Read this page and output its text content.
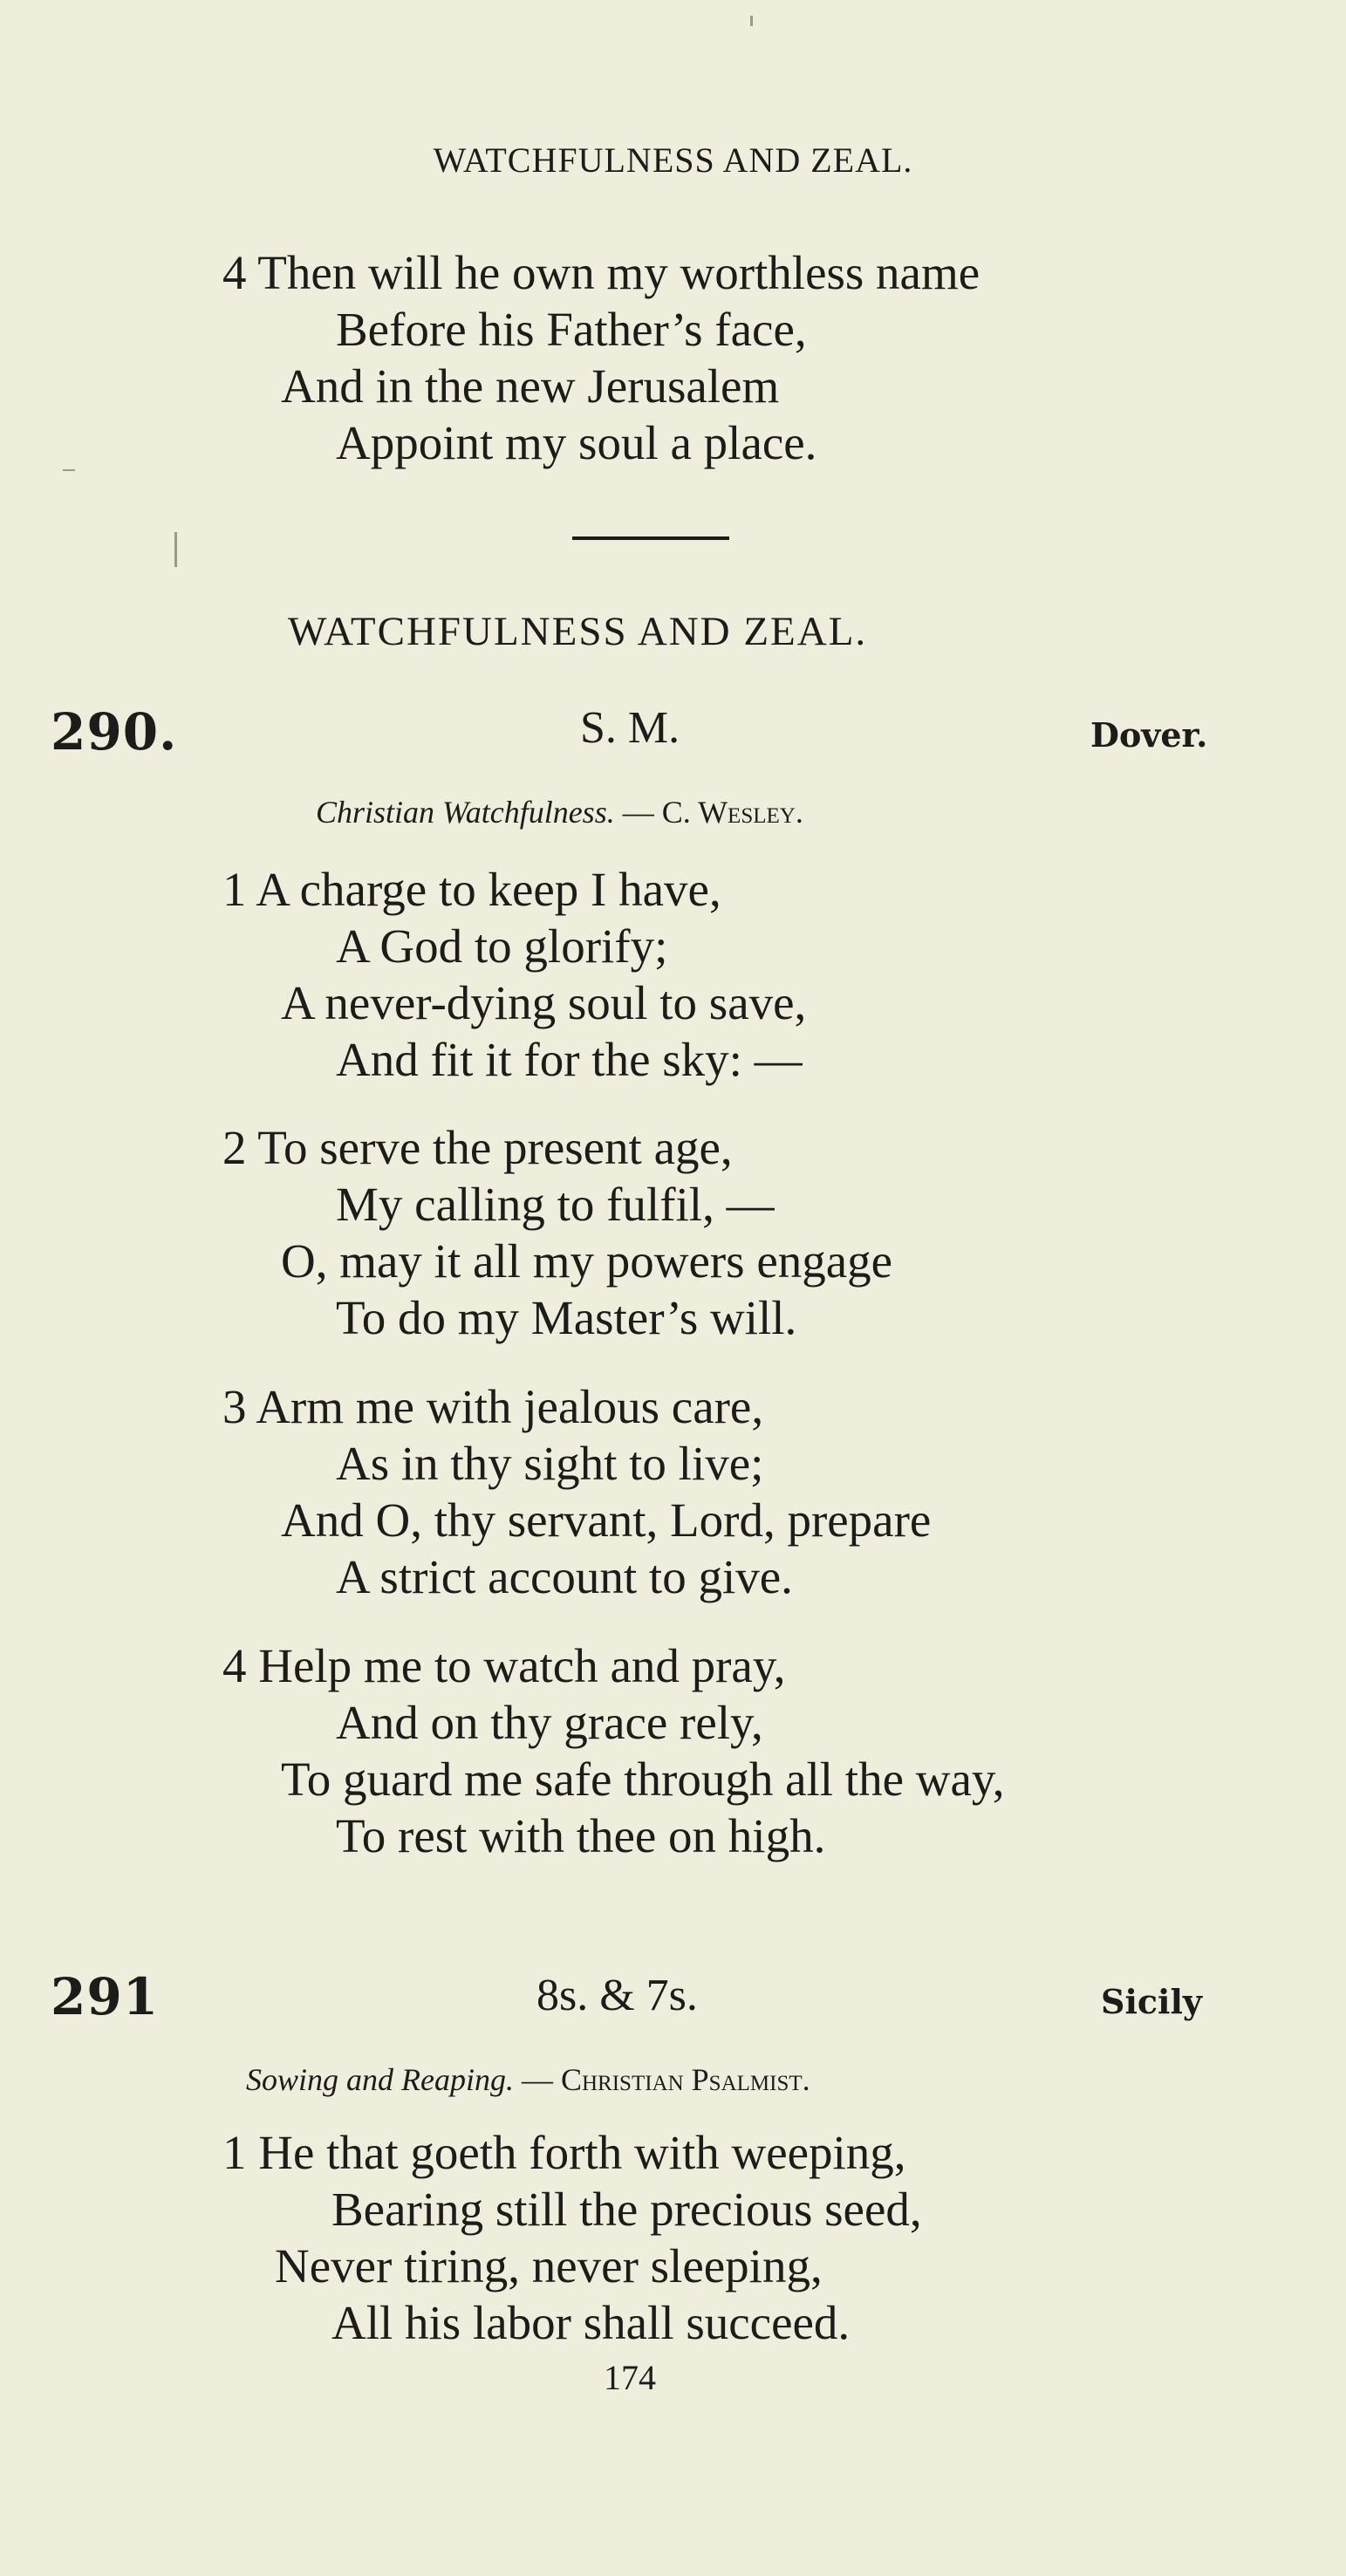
WATCHFULNESS AND ZEAL.
4 Then will he own my worthless name
Before his Father’s face,
And in the new Jerusalem
Appoint my soul a place.
WATCHFULNESS AND ZEAL.
290.	S. M.	Dover.
Christian Watchfulness. — C. Wesley.
1 A charge to keep I have,
A God to glorify;
A never-dying soul to save,
And fit it for the sky: —
2 To serve the present age,
My calling to fulfil, —
O, may it all my powers engage
To do my Master’s will.
3 Arm me with jealous care,
As in thy sight to live;
And O, thy servant, Lord, prepare
A strict account to give.
4 Help me to watch and pray,
And on thy grace rely,
To guard me safe through all the way,
To rest with thee on high.
291	8s. & 7s.	Sicily
Sowing and Reaping. — Christian Psalmist.
1 He that goeth forth with weeping,
Bearing still the precious seed,
Never tiring, never sleeping,
All his labor shall succeed.
174
